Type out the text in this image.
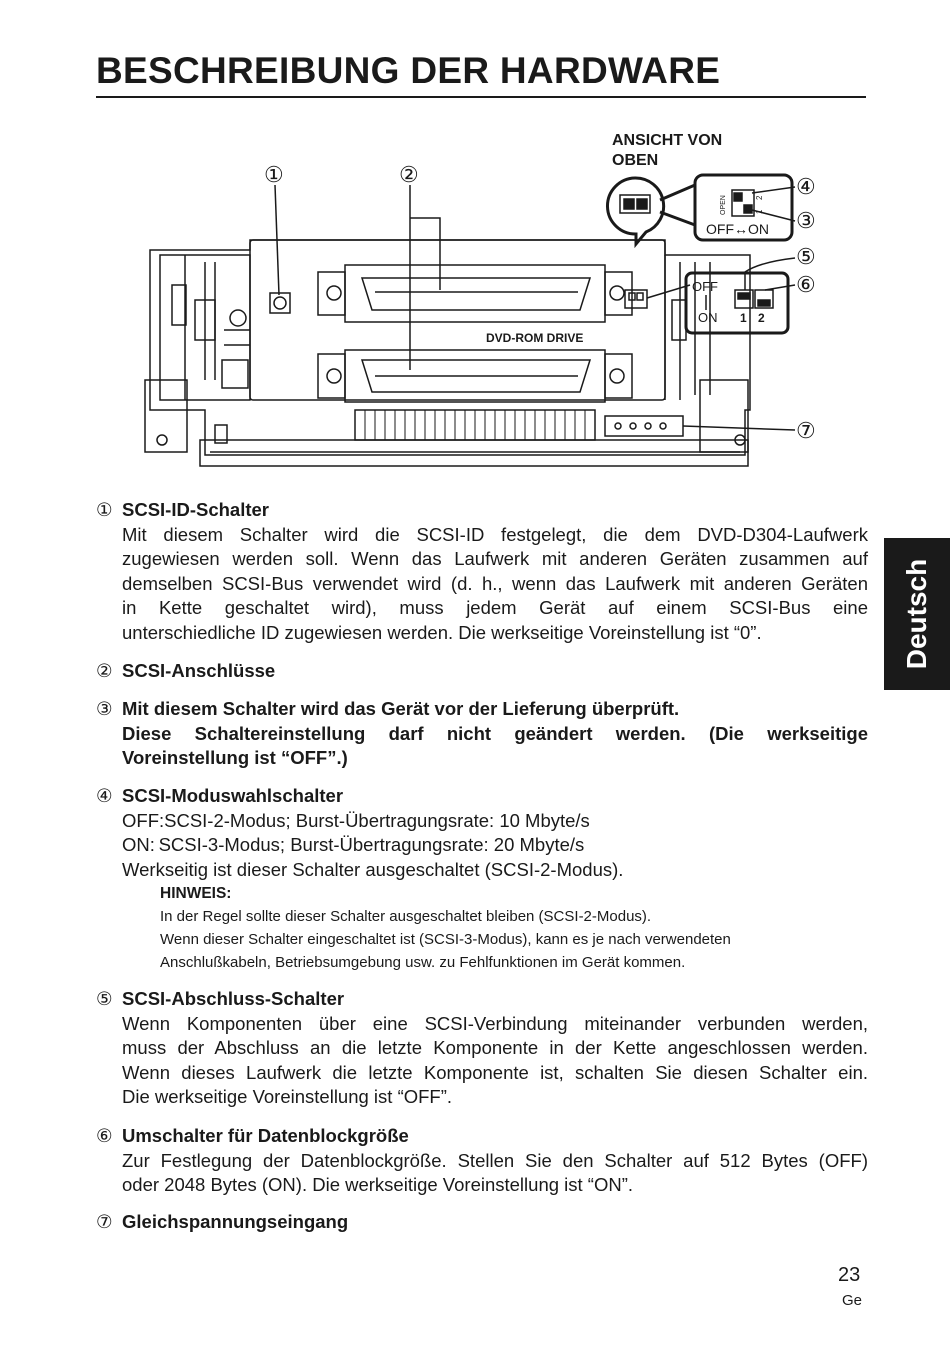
BESCHREIBUNG DER HARDWARE
Deutsch
DVD-ROM DRIVE
ANSICHT VON
OBEN
OPEN	2
1
OFF↔ON
OFF
ON 1 2
①	②	④
③
⑤
⑥
⑦
① SCSI-ID-Schalter
Mit diesem Schalter wird die SCSI-ID festgelegt, die dem DVD-D304-Laufwerk
zugewiesen werden soll. Wenn das Laufwerk mit anderen Geräten zusammen auf
demselben SCSI-Bus verwendet wird (d. h., wenn das Laufwerk mit anderen Geräten
in Kette geschaltet wird), muss jedem Gerät auf einem SCSI-Bus eine
unterschiedliche ID zugewiesen werden. Die werkseitige Voreinstellung ist “0”.
② SCSI-Anschlüsse
③ Mit diesem Schalter wird das Gerät vor der Lieferung überprüft.
Diese Schaltereinstellung darf nicht geändert werden. (Die werkseitige
Voreinstellung ist “OFF”.)
④ SCSI-Moduswahlschalter
OFF:SCSI-2-Modus; Burst-Übertragungsrate: 10 Mbyte/s
ON: SCSI-3-Modus; Burst-Übertragungsrate: 20 Mbyte/s
Werkseitig ist dieser Schalter ausgeschaltet (SCSI-2-Modus).
HINWEIS:
In der Regel sollte dieser Schalter ausgeschaltet bleiben (SCSI-2-Modus).
Wenn dieser Schalter eingeschaltet ist (SCSI-3-Modus), kann es je nach verwendeten
Anschlußkabeln, Betriebsumgebung usw. zu Fehlfunktionen im Gerät kommen.
⑤ SCSI-Abschluss-Schalter
Wenn Komponenten über eine SCSI-Verbindung miteinander verbunden werden,
muss der Abschluss an die letzte Komponente in der Kette angeschlossen werden.
Wenn dieses Laufwerk die letzte Komponente ist, schalten Sie diesen Schalter ein.
Die werkseitige Voreinstellung ist “OFF”.
⑥ Umschalter für Datenblockgröße
Zur Festlegung der Datenblockgröße. Stellen Sie den Schalter auf 512 Bytes (OFF)
oder 2048 Bytes (ON). Die werkseitige Voreinstellung ist “ON”.
⑦ Gleichspannungseingang
23
Ge
